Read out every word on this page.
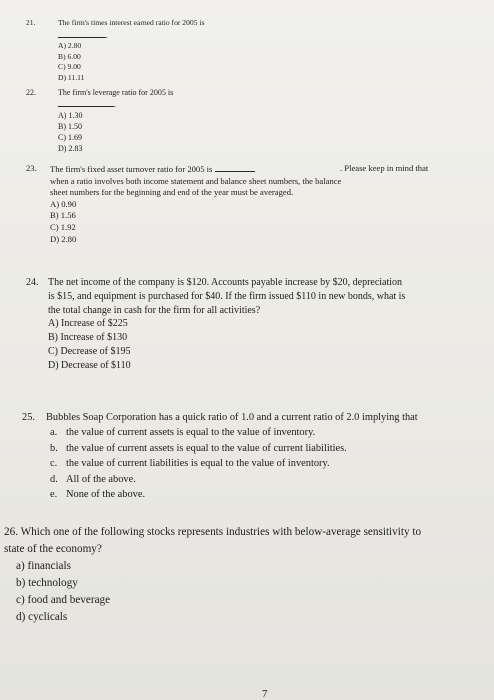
21.	The firm's times interest earned ratio for 2005 is .
A) 2.80
B) 6.00
C) 9.00
D) 11.11
22.	The firm's leverage ratio for 2005 is .
A) 1.30
B) 1.50
C) 1.69
D) 2.83
23. The firm's fixed asset turnover ratio for 2005 is	. Please keep in mind that
when a ratio involves both income statement and balance sheet numbers, the balance
sheet numbers for the beginning and end of the year must be averaged.
A) 0.90
B) 1.56
C) 1.92
D) 2.80
24. The net income of the company is $120. Accounts payable increase by $20, depreciation
is $15, and equipment is purchased for $40. If the firm issued $110 in new bonds, what is
the total change in cash for the firm for all activities?
A) Increase of $225
B) Increase of $130
C) Decrease of $195
D) Decrease of $110
25. Bubbles Soap Corporation has a quick ratio of 1.0 and a current ratio of 2.0 implying that
a. the value of current assets is equal to the value of inventory.
b. the value of current assets is equal to the value of current liabilities.
c. the value of current liabilities is equal to the value of inventory.
d. All of the above.
e. None of the above.
26. Which one of the following stocks represents industries with below-average sensitivity to
state of the economy?
a) financials
b) technology
c) food and beverage
d) cyclicals
7
